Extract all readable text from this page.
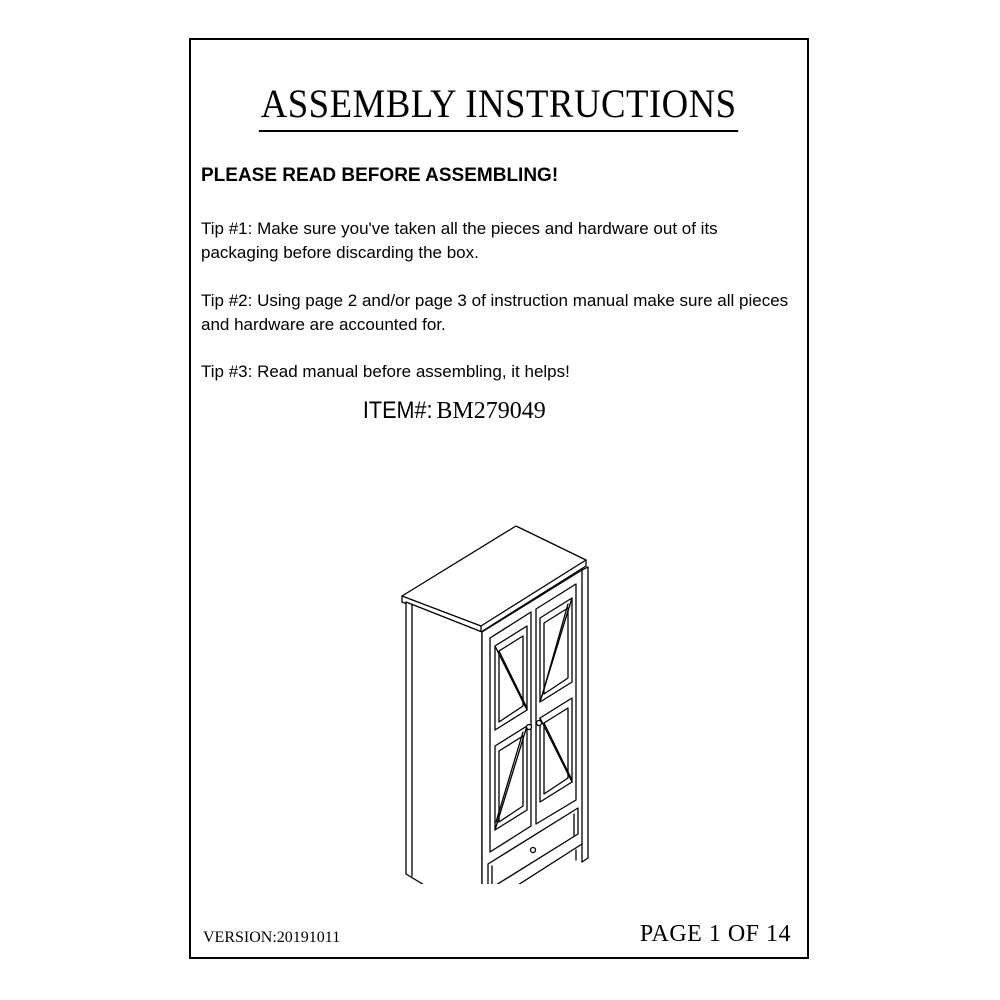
ASSEMBLY INSTRUCTIONS

PLEASE READ BEFORE ASSEMBLING!

Tip #1: Make sure you've taken all the pieces and hardware out of its packaging before discarding the box.

Tip #2: Using page 2 and/or page 3 of instruction manual make sure all pieces and hardware are accounted for.

Tip #3: Read manual before assembling, it helps!

ITEM#: BM279049

VERSION:20191011	PAGE 1 OF 14
